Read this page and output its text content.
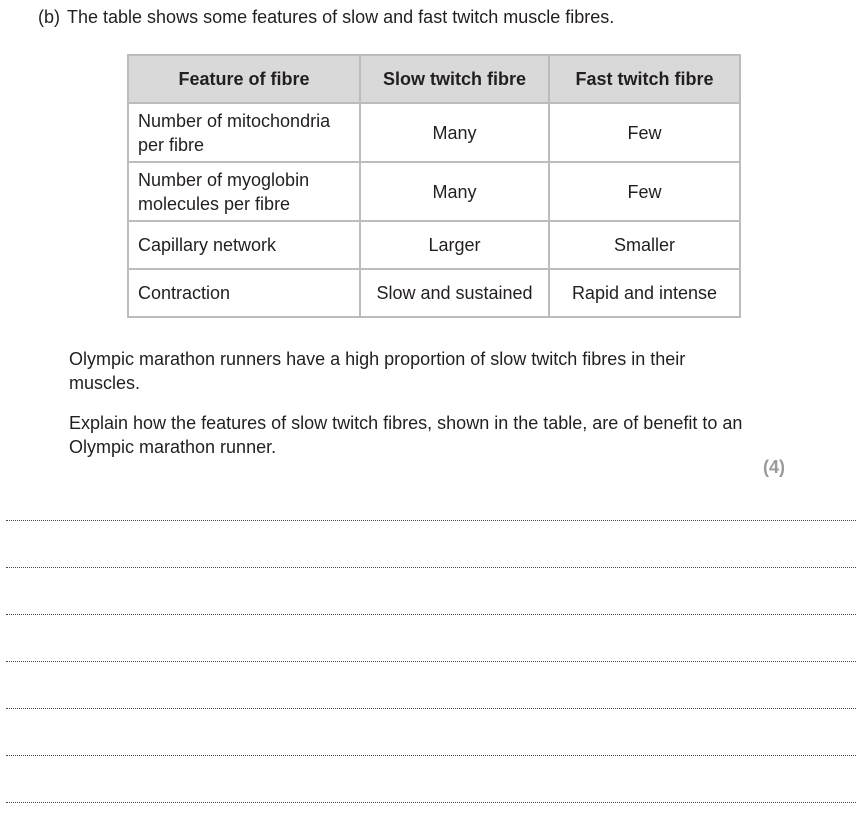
(b) The table shows some features of slow and fast twitch muscle fibres.
Feature of fibre	Slow twitch fibre	Fast twitch fibre
Number of mitochondria per fibre	Many	Few
Number of myoglobin molecules per fibre	Many	Few
Capillary network	Larger	Smaller
Contraction	Slow and sustained	Rapid and intense
Olympic marathon runners have a high proportion of slow twitch fibres in their muscles.
Explain how the features of slow twitch fibres, shown in the table, are of benefit to an Olympic marathon runner.
(4)
